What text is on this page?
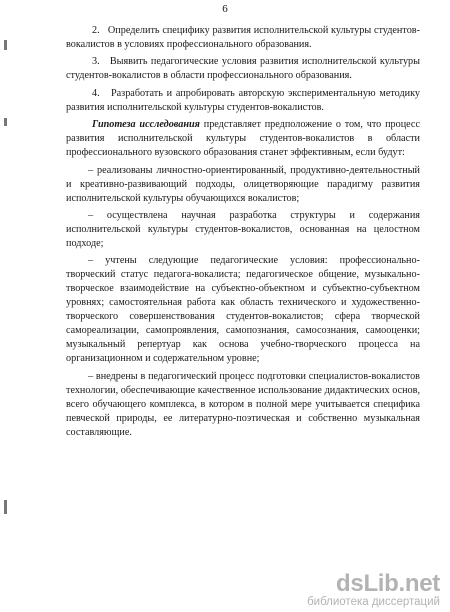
6

2.   Определить специфику развития исполнительской культуры студентов-вокалистов в условиях профессионального образования.

3.   Выявить педагогические условия развития исполнительской культуры студентов-вокалистов в области профессионального образования.

4.   Разработать и апробировать авторскую экспериментальную методику развития исполнительской культуры студентов-вокалистов.

Гипотеза исследования представляет предположение о том, что процесс развития исполнительской культуры студентов-вокалистов в области профессионального вузовского образования станет эффективным, если будут:

– реализованы личностно-ориентированный, продуктивно-деятельностный и креативно-развивающий подходы, олицетворяющие парадигму развития исполнительской культуры обучающихся вокалистов;

– осуществлена научная разработка структуры и содержания исполнительской культуры студентов-вокалистов, основанная на целостном подходе;

– учтены следующие педагогические условия: профессионально-творческий статус педагога-вокалиста; педагогическое общение, музыкально-творческое взаимодействие на субъектно-объектном и субъектно-субъектном уровнях; самостоятельная работа как область технического и художественно-творческого совершенствования студентов-вокалистов; сфера творческой самореализации, самопроявления, самопознания, самосознания, самооценки; музыкальный репертуар как основа учебно-творческого процесса на организационном и содержательном уровне;

– внедрены в педагогический процесс подготовки специалистов-вокалистов технологии, обеспечивающие качественное использование дидактических основ, всего обучающего комплекса, в котором в полной мере учитывается специфика певческой природы, ее литературно-поэтическая и собственно музыкальная составляющие.

dsLib.net
библиотека диссертаций
